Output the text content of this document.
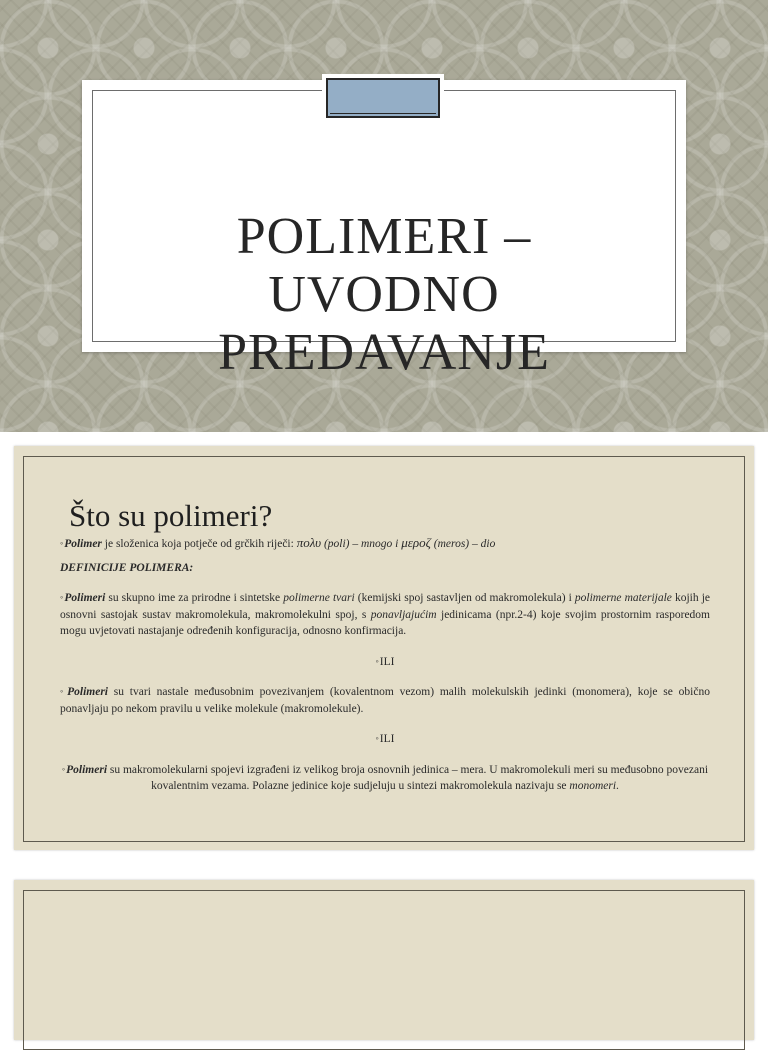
POLIMERI –
UVODNO
PREDAVANJE
Što su polimeri?

◦Polimer je složenica koja potječe od grčkih riječi: πολυ (poli) – mnogo i μεροζ (meros) – dio

DEFINICIJE POLIMERA:

◦Polimeri su skupno ime za prirodne i sintetske polimerne tvari (kemijski spoj sastavljen od makromolekula) i polimerne materijale kojih je osnovni sastojak sustav makromolekula, makromolekulni spoj, s ponavljajućim jedinicama (npr.2-4) koje svojim prostornim rasporedom mogu uvjetovati nastajanje određenih konfiguracija, odnosno konfirmacija.

◦ILI

◦Polimeri su tvari nastale međusobnim povezivanjem (kovalentnom vezom) malih molekulskih jedinki (monomera), koje se obično ponavljaju po nekom pravilu u velike molekule (makromolekule).

◦ILI

◦Polimeri su makromolekularni spojevi izgrađeni iz velikog broja osnovnih jedinica – mera. U makromolekuli meri su međusobno povezani kovalentnim vezama. Polazne jedinice koje sudjeluju u sintezi makromolekula nazivaju se monomeri.
